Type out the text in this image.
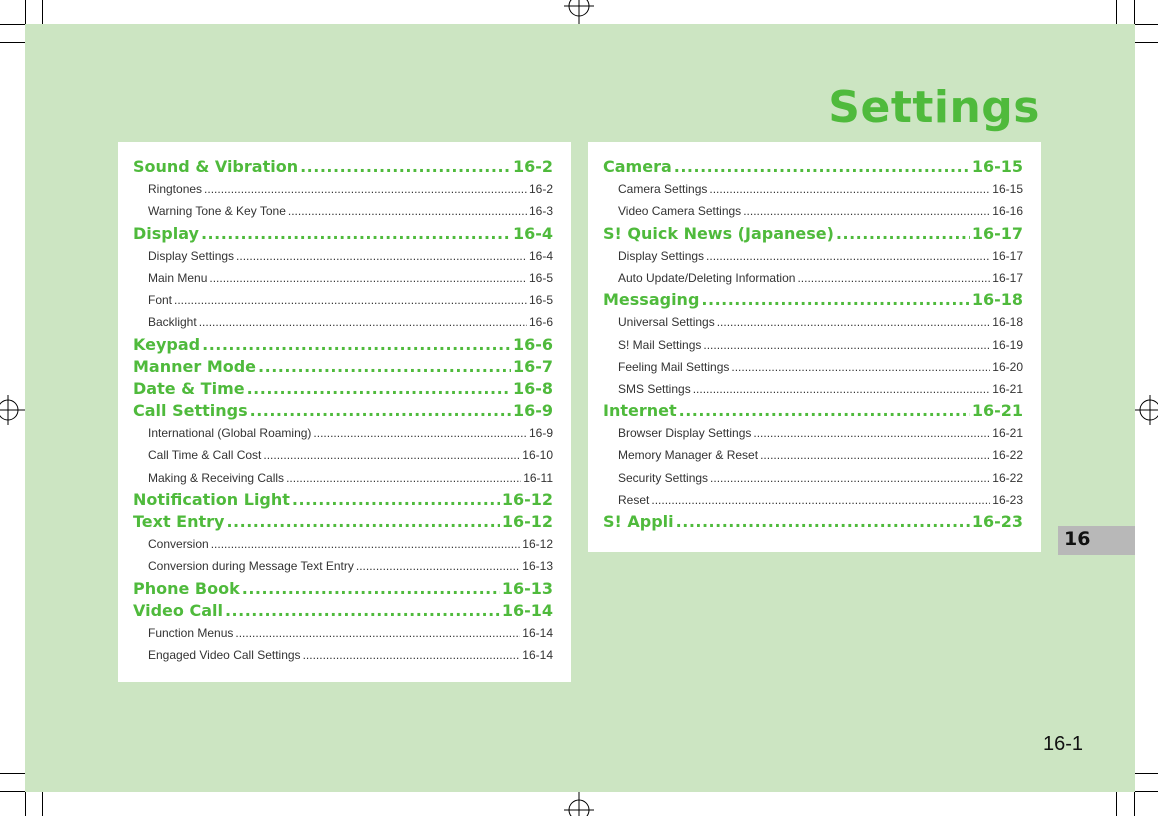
Settings
Sound & Vibration .....	16-2
Ringtones .....	16-2
Warning Tone & Key Tone .....	16-3
Display .....	16-4
Display Settings .....	16-4
Main Menu .....	16-5
Font .....	16-5
Backlight .....	16-6
Keypad .....	16-6
Manner Mode .....	16-7
Date & Time .....	16-8
Call Settings .....	16-9
International (Global Roaming) .....	16-9
Call Time & Call Cost .....	16-10
Making & Receiving Calls .....	16-11
Notification Light .....	16-12
Text Entry .....	16-12
Conversion .....	16-12
Conversion during Message Text Entry .....	16-13
Phone Book .....	16-13
Video Call .....	16-14
Function Menus .....	16-14
Engaged Video Call Settings .....	16-14
Camera .....	16-15
Camera Settings .....	16-15
Video Camera Settings .....	16-16
S! Quick News (Japanese) .....	16-17
Display Settings .....	16-17
Auto Update/Deleting Information .....	16-17
Messaging .....	16-18
Universal Settings .....	16-18
S! Mail Settings .....	16-19
Feeling Mail Settings .....	16-20
SMS Settings .....	16-21
Internet .....	16-21
Browser Display Settings .....	16-21
Memory Manager & Reset .....	16-22
Security Settings .....	16-22
Reset .....	16-23
S! Appli .....	16-23
16
16-1
